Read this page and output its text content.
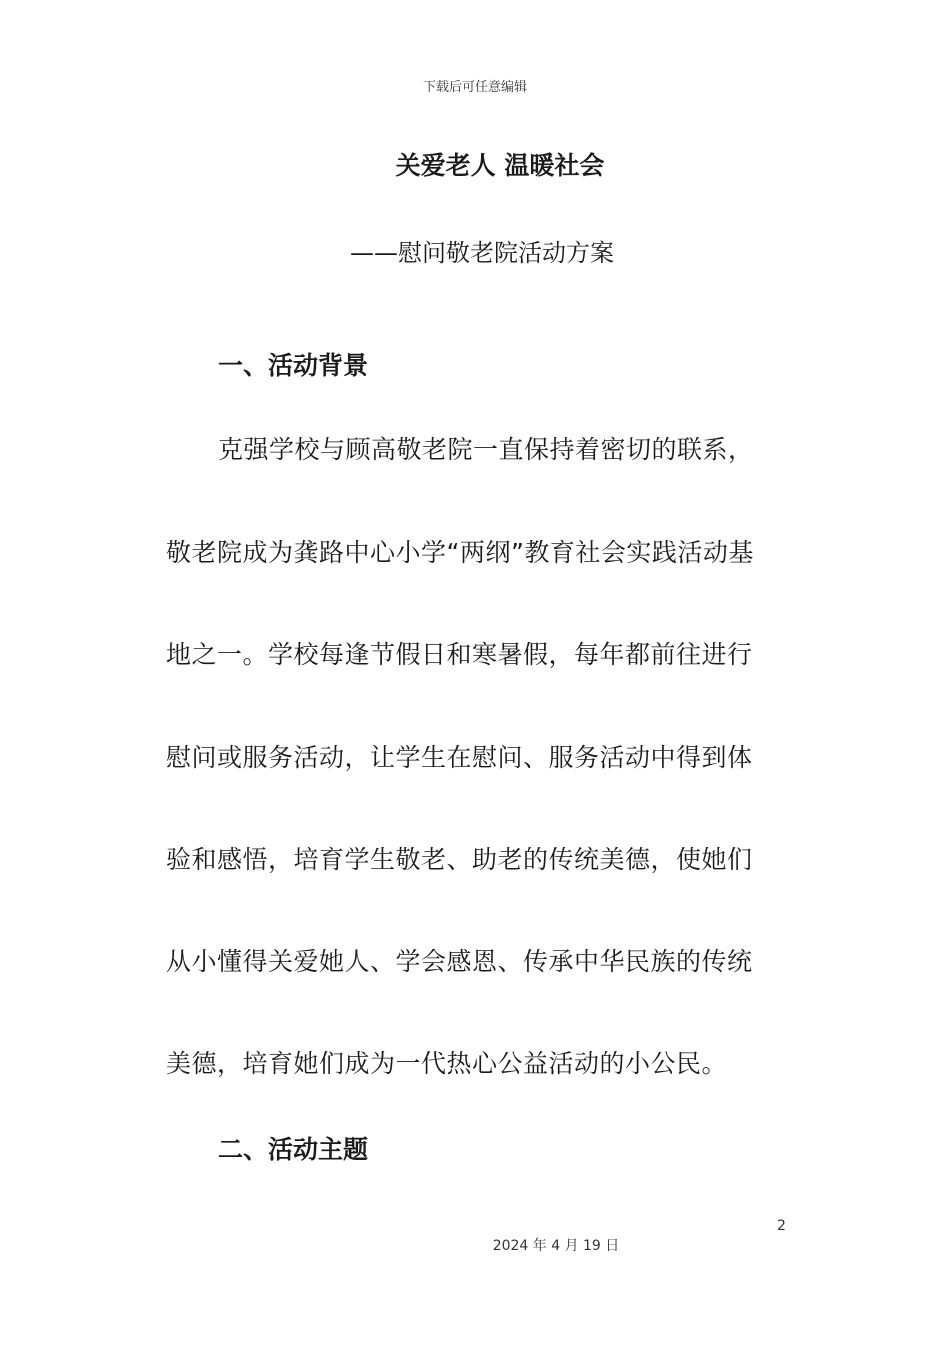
下载后可任意编辑
关爱老人 温暖社会
——慰问敬老院活动方案
一、活动背景
克强学校与顾高敬老院一直保持着密切的联系，
敬老院成为龚路中心小学“两纲”教育社会实践活动基
地之一。学校每逢节假日和寒暑假，每年都前往进行
慰问或服务活动，让学生在慰问、服务活动中得到体
验和感悟，培育学生敬老、助老的传统美德，使她们
从小懂得关爱她人、学会感恩、传承中华民族的传统
美德，培育她们成为一代热心公益活动的小公民。
二、活动主题
2
2024 年 4 月 19 日
